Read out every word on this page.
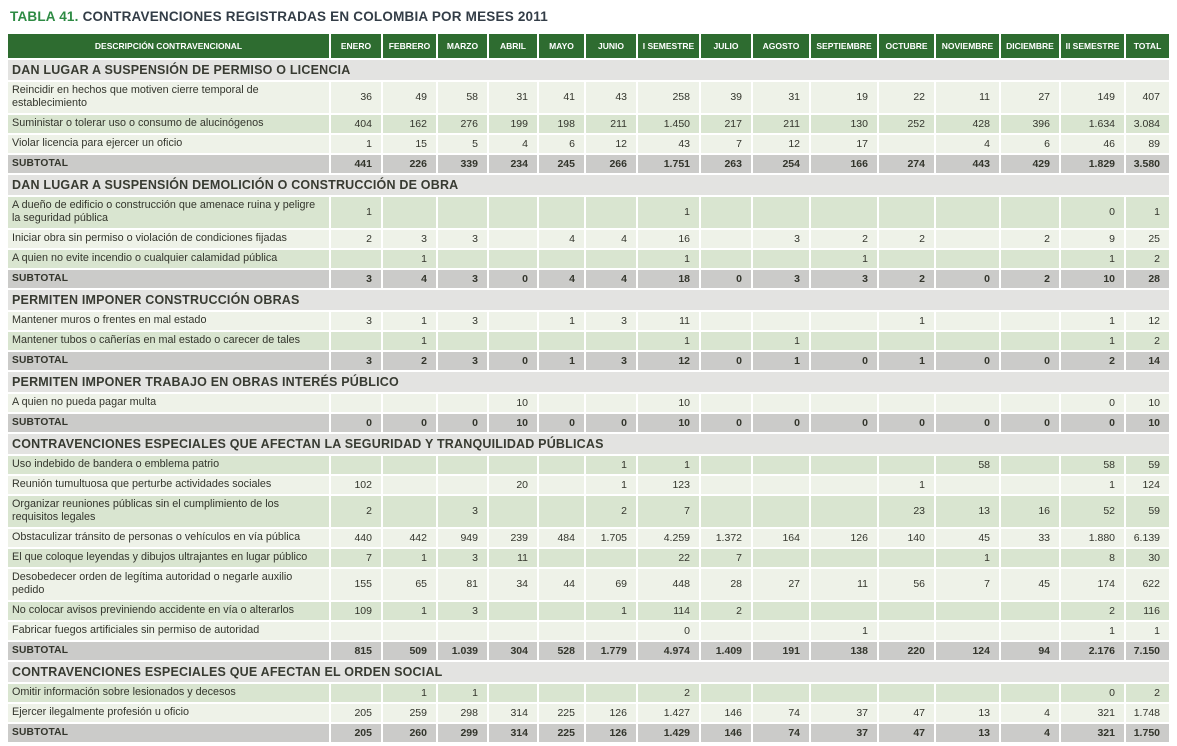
TABLA 41. CONTRAVENCIONES REGISTRADAS EN COLOMBIA POR MESES 2011
DESCRIPCIÓN CONTRAVENCIONAL	ENERO	FEBRERO	MARZO	ABRIL	MAYO	JUNIO	I SEMESTRE	JULIO	AGOSTO	SEPTIEMBRE	OCTUBRE	NOVIEMBRE	DICIEMBRE	II SEMESTRE	TOTAL
DAN LUGAR A SUSPENSIÓN DE PERMISO O LICENCIA															
Reincidir en hechos que motiven cierre temporal de establecimiento	36	49	58	31	41	43	258	39	31	19	22	11	27	149	407
Suministar o tolerar uso o consumo de alucinógenos	404	162	276	199	198	211	1.450	217	211	130	252	428	396	1.634	3.084
Violar licencia para ejercer un oficio	1	15	5	4	6	12	43	7	12	17		4	6	46	89
SUBTOTAL	441	226	339	234	245	266	1.751	263	254	166	274	443	429	1.829	3.580
DAN LUGAR A SUSPENSIÓN DEMOLICIÓN O CONSTRUCCIÓN DE OBRA															
A dueño de edificio o construcción que amenace ruina y peligre la seguridad pública	1						1							0	1
Iniciar obra sin permiso o violación de condiciones fijadas	2	3	3		4	4	16		3	2	2		2	9	25
A quien no evite incendio o cualquier calamidad pública		1					1			1				1	2
SUBTOTAL	3	4	3	0	4	4	18	0	3	3	2	0	2	10	28
PERMITEN IMPONER CONSTRUCCIÓN OBRAS															
Mantener muros o frentes en mal estado	3	1	3		1	3	11				1			1	12
Mantener tubos o cañerías en mal estado o carecer de tales		1					1		1					1	2
SUBTOTAL	3	2	3	0	1	3	12	0	1	0	1	0	0	2	14
PERMITEN IMPONER TRABAJO EN OBRAS INTERÉS PÚBLICO															
A quien no pueda pagar multa				10			10							0	10
SUBTOTAL	0	0	0	10	0	0	10	0	0	0	0	0	0	0	10
CONTRAVENCIONES ESPECIALES QUE AFECTAN LA SEGURIDAD Y TRANQUILIDAD PÚBLICAS															
Uso indebido de bandera o emblema patrio						1	1					58		58	59
Reunión tumultuosa que perturbe actividades sociales	102			20		1	123				1			1	124
Organizar reuniones públicas sin el cumplimiento de los requisitos legales	2		3			2	7				23	13	16	52	59
Obstaculizar tránsito de personas o vehículos en vía pública	440	442	949	239	484	1.705	4.259	1.372	164	126	140	45	33	1.880	6.139
El que coloque leyendas y dibujos ultrajantes en lugar público	7	1	3	11			22	7				1		8	30
Desobedecer orden de legítima autoridad o negarle auxilio pedido	155	65	81	34	44	69	448	28	27	11	56	7	45	174	622
No colocar avisos previniendo accidente en vía o alterarlos	109	1	3			1	114	2						2	116
Fabricar fuegos artificiales sin permiso de autoridad							0			1				1	1
SUBTOTAL	815	509	1.039	304	528	1.779	4.974	1.409	191	138	220	124	94	2.176	7.150
CONTRAVENCIONES ESPECIALES QUE AFECTAN EL ORDEN SOCIAL															
Omitir información sobre lesionados y decesos		1	1				2							0	2
Ejercer ilegalmente profesión u oficio	205	259	298	314	225	126	1.427	146	74	37	47	13	4	321	1.748
SUBTOTAL	205	260	299	314	225	126	1.429	146	74	37	47	13	4	321	1.750
